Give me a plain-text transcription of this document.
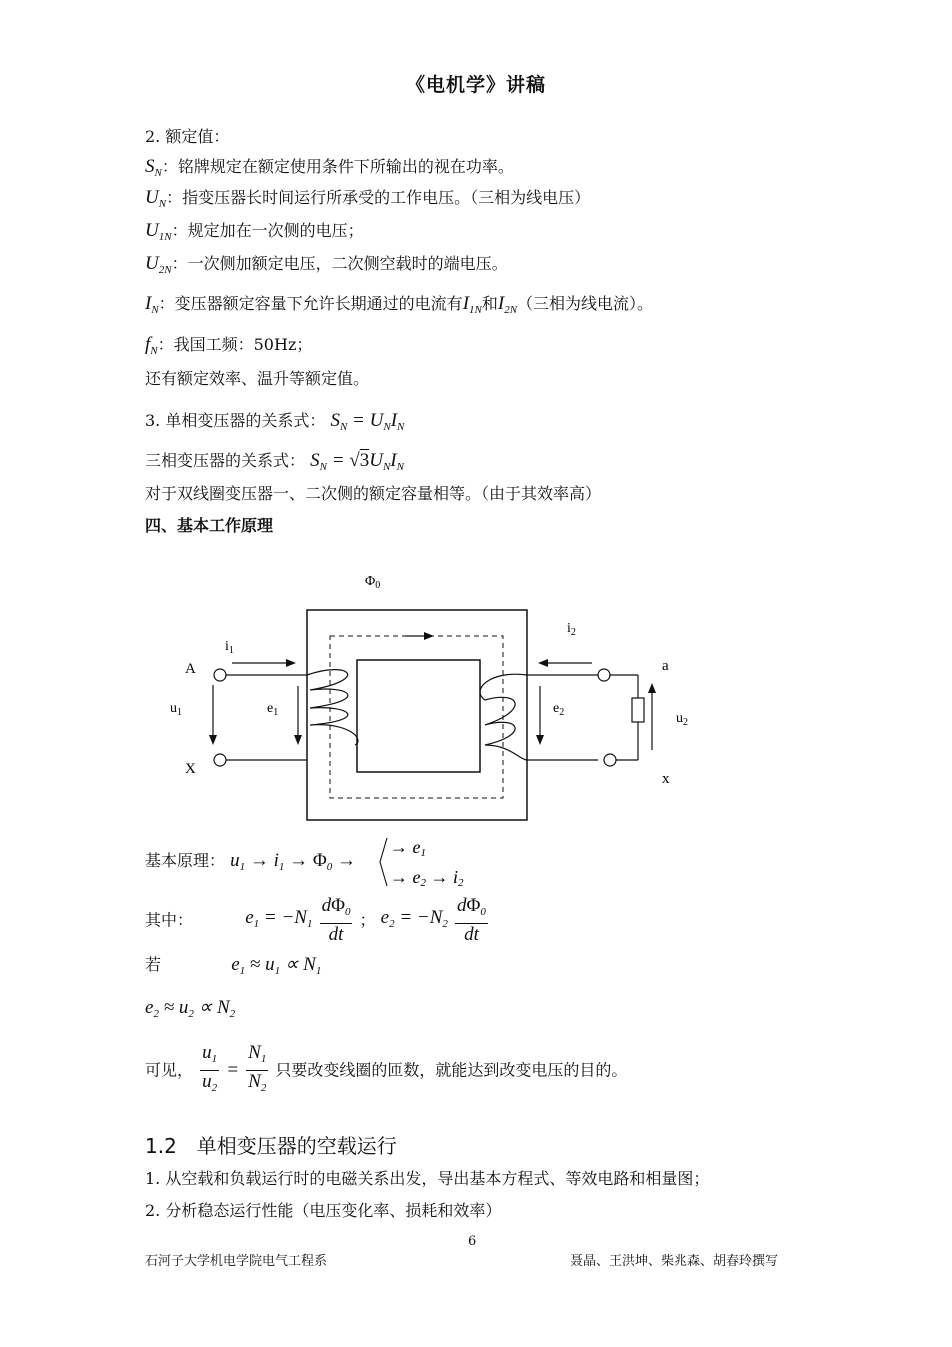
《电机学》讲稿
2. 额定值：
$S_N$：铭牌规定在额定使用条件下所输出的视在功率。
$U_N$：指变压器长时间运行所承受的工作电压。（三相为线电压）
$U_{1N}$：规定加在一次侧的电压；
$U_{2N}$：一次侧加额定电压，二次侧空载时的端电压。
$I_N$：变压器额定容量下允许长期通过的电流有$I_{1N}$和$I_{2N}$（三相为线电流）。
$f_N$：我国工频：50Hz；
还有额定效率、温升等额定值。
3. 单相变压器的关系式： $S_N = U_NI_N$
三相变压器的关系式： $S_N = √3U_NI_N$
对于双线圈变压器一、二次侧的额定容量相等。（由于其效率高）
四、基本工作原理
$\Phi_0$
$i_1$
A
X
$u_1$	$e_1$
$i_2$
a
x
$e_2$	$u_2$
基本原理： $u_1 \to i_1 \to \Phi_0$ →
→ e1
→ e2 → i2
其中：	$e_1 = -N_1 \frac{d\Phi_0}{dt}$ ； $e_2 = -N_2 \frac{d\Phi_0}{dt}$
若	$e_1 \approx u_1 \propto N_1$
$e_2 \approx u_2 \propto N_2$
可见， $\frac{u_1}{u_2} = \frac{N_1}{N_2}$ 只要改变线圈的匝数，就能达到改变电压的目的。
1.2　单相变压器的空载运行
1. 从空载和负载运行时的电磁关系出发，导出基本方程式、等效电路和相量图；
2. 分析稳态运行性能（电压变化率、损耗和效率）
6
石河子大学机电学院电气工程系	聂晶、王洪坤、柴兆森、胡春玲撰写
